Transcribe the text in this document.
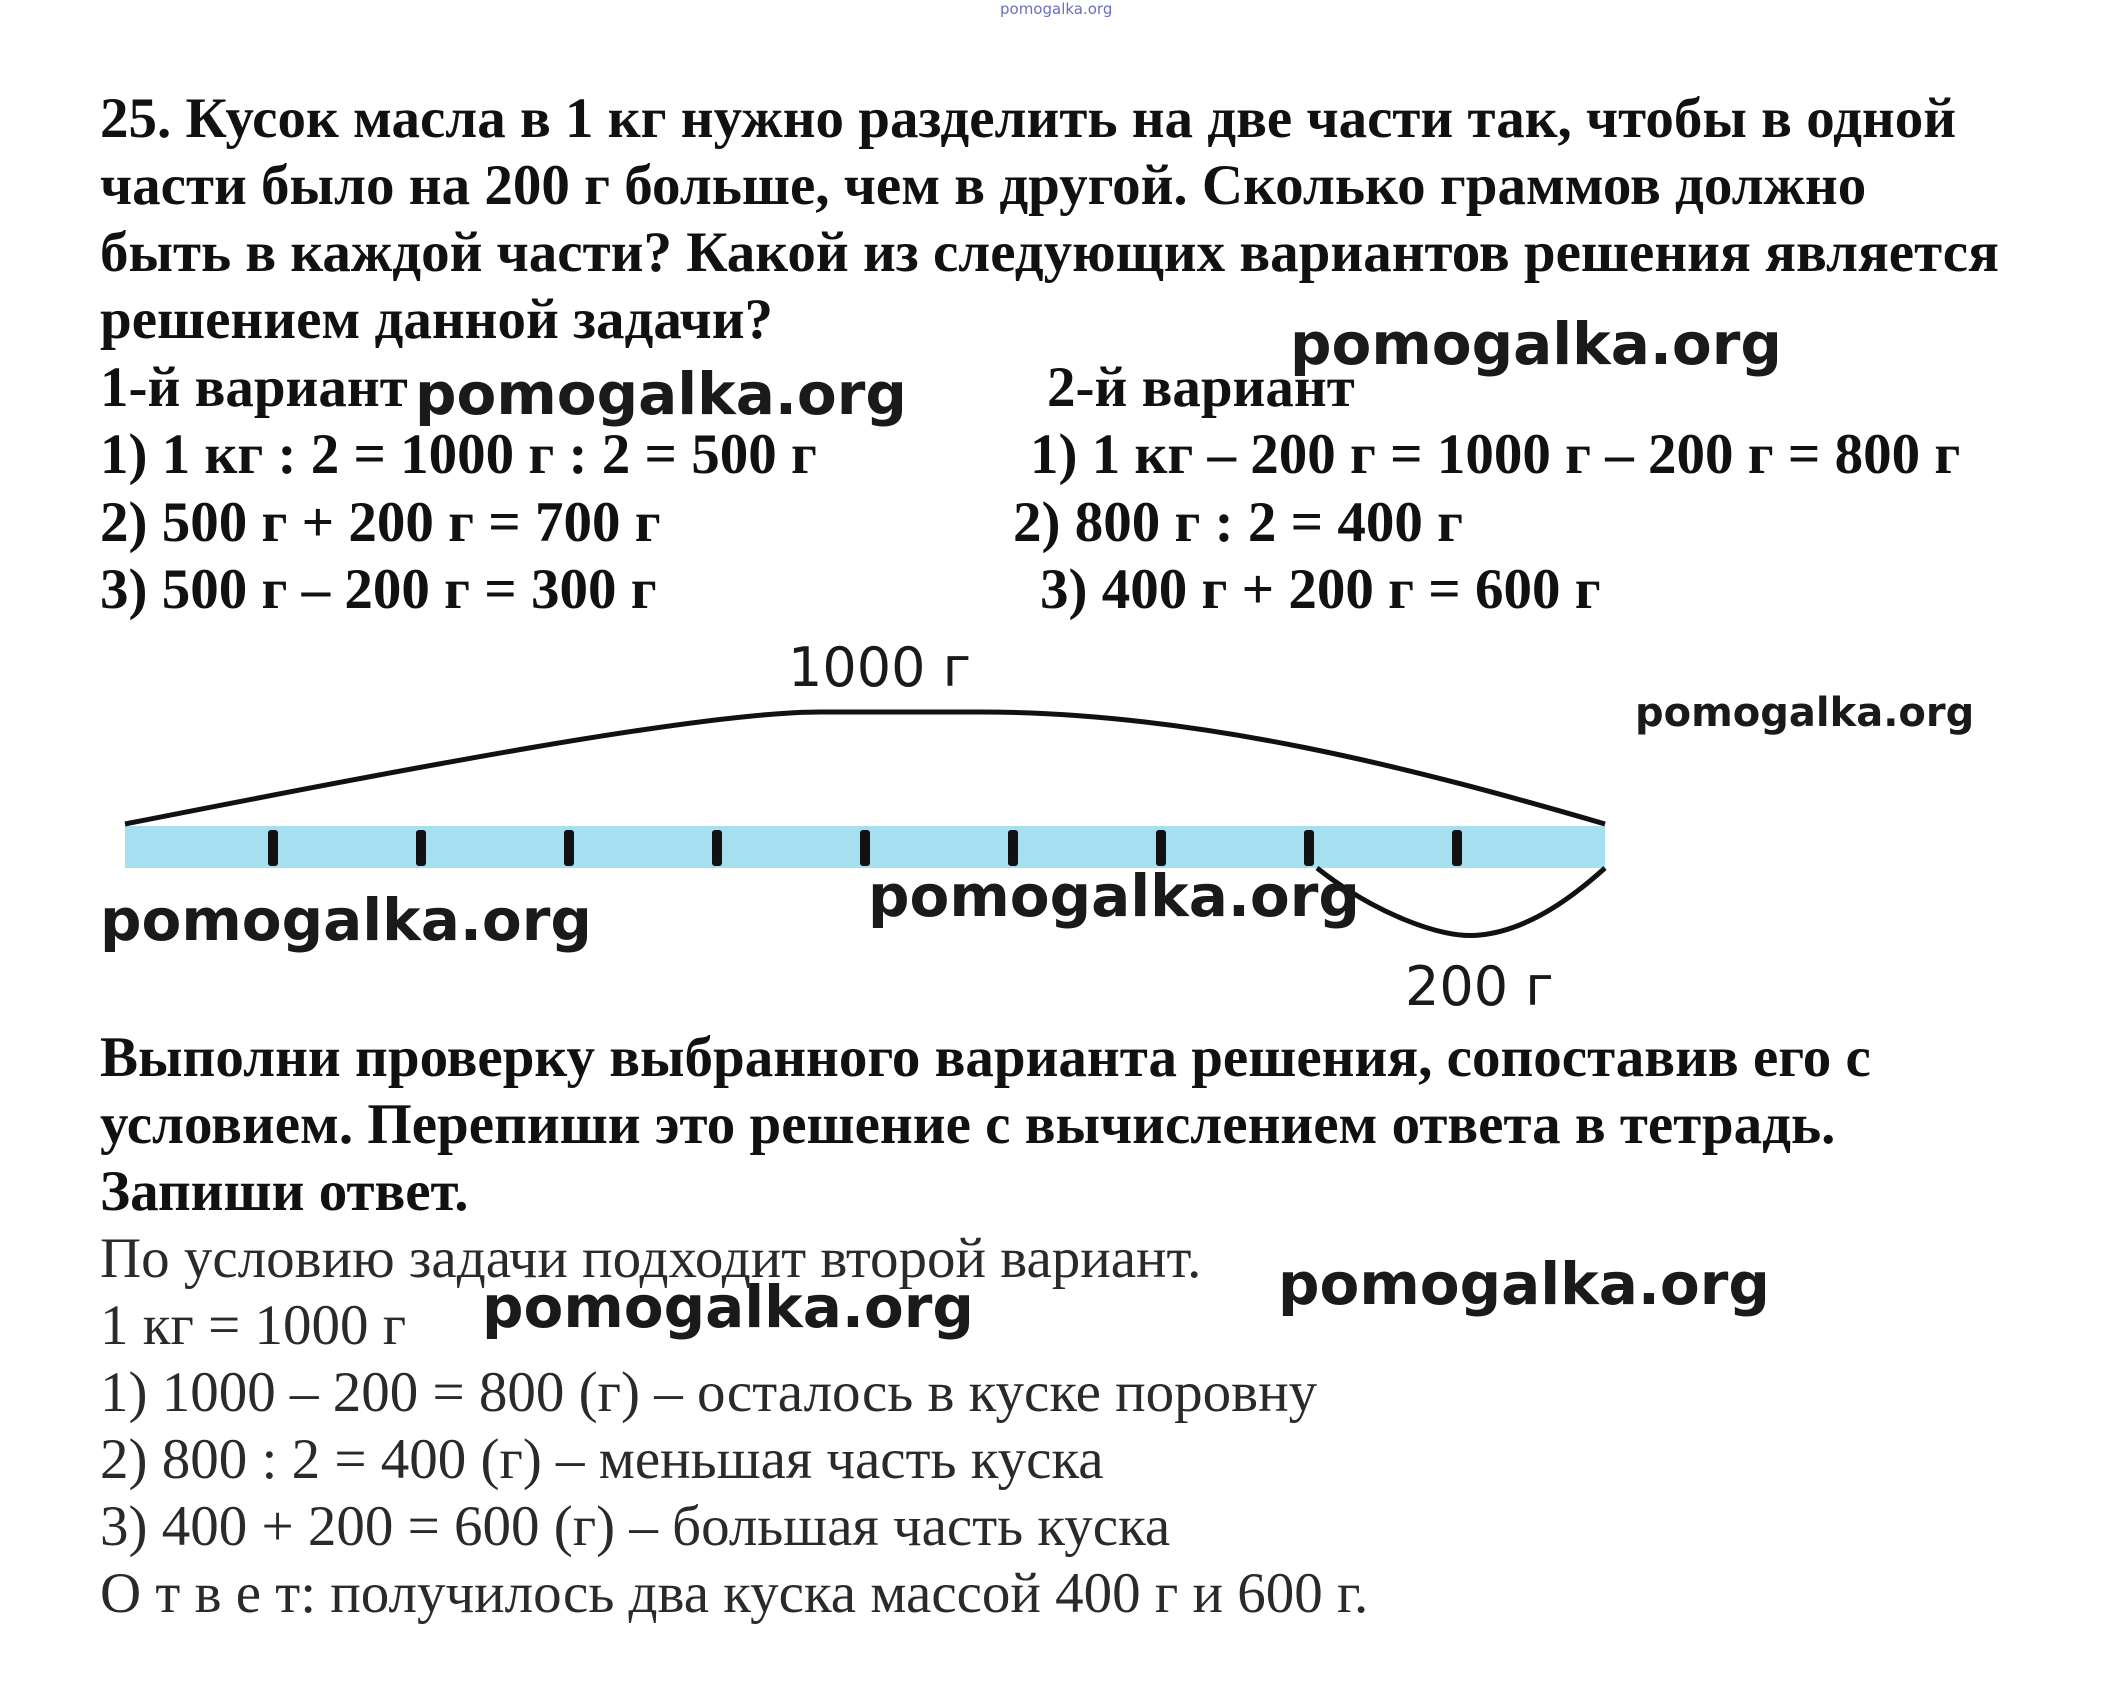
pomogalka.org
25. Кусок масла в 1 кг нужно разделить на две части так, чтобы в одной
части было на 200 г больше, чем в другой. Сколько граммов должно
быть в каждой части? Какой из следующих вариантов решения является
решением данной задачи?
1-й вариант
1) 1 кг : 2 = 1000 г : 2 = 500 г
2) 500 г + 200 г = 700 г
3) 500 г – 200 г = 300 г
2-й вариант
1) 1 кг – 200 г = 1000 г – 200 г = 800 г
2) 800 г : 2 = 400 г
3) 400 г + 200 г = 600 г
1000 г
200 г
Выполни проверку выбранного варианта решения, сопоставив его с
условием. Перепиши это решение с вычислением ответа в тетрадь.
Запиши ответ.
По условию задачи подходит второй вариант.
1 кг = 1000 г
1) 1000 – 200 = 800 (г) – осталось в куске поровну
2) 800 : 2 = 400 (г) – меньшая часть куска
3) 400 + 200 = 600 (г) – большая часть куска
О т в е т: получилось два куска массой 400 г и 600 г.
pomogalka.org
pomogalka.org
pomogalka.org
pomogalka.org
pomogalka.org
pomogalka.org
pomogalka.org
